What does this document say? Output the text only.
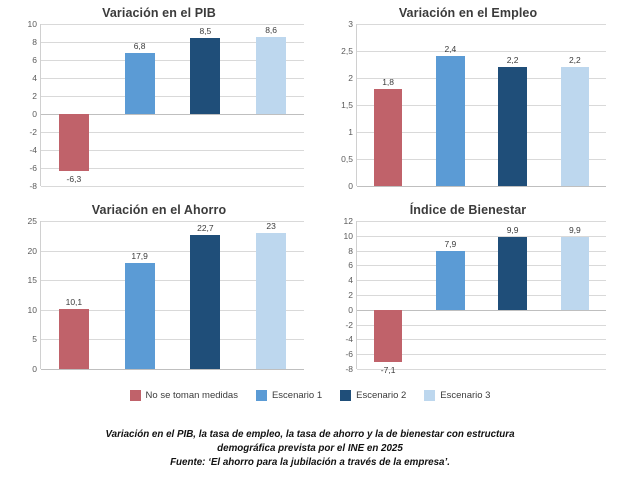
Variación en el PIB
10
8
6
4
2
0
-2
-4
-6
-8
-6,3
6,8
8,5	8,6
Variación en el Empleo
3
2,5
2
1,5
1
0,5
0
1,8
2,4
2,2	2,2
Variación en el Ahorro
25
20
15
10
5
0
10,1
17,9
22,7	23
Índice de Bienestar
12
10
8
6
4
2
0
-2
-4
-6
-8	-7,1
7,9
9,9	9,9
No se toman medidas	Escenario 1	Escenario 2	Escenario 3
Variación en el PIB, la tasa de empleo, la tasa de ahorro y la de bienestar con estructura
demográfica prevista por el INE en 2025
Fuente: ‘El ahorro para la jubilación a través de la empresa’.
